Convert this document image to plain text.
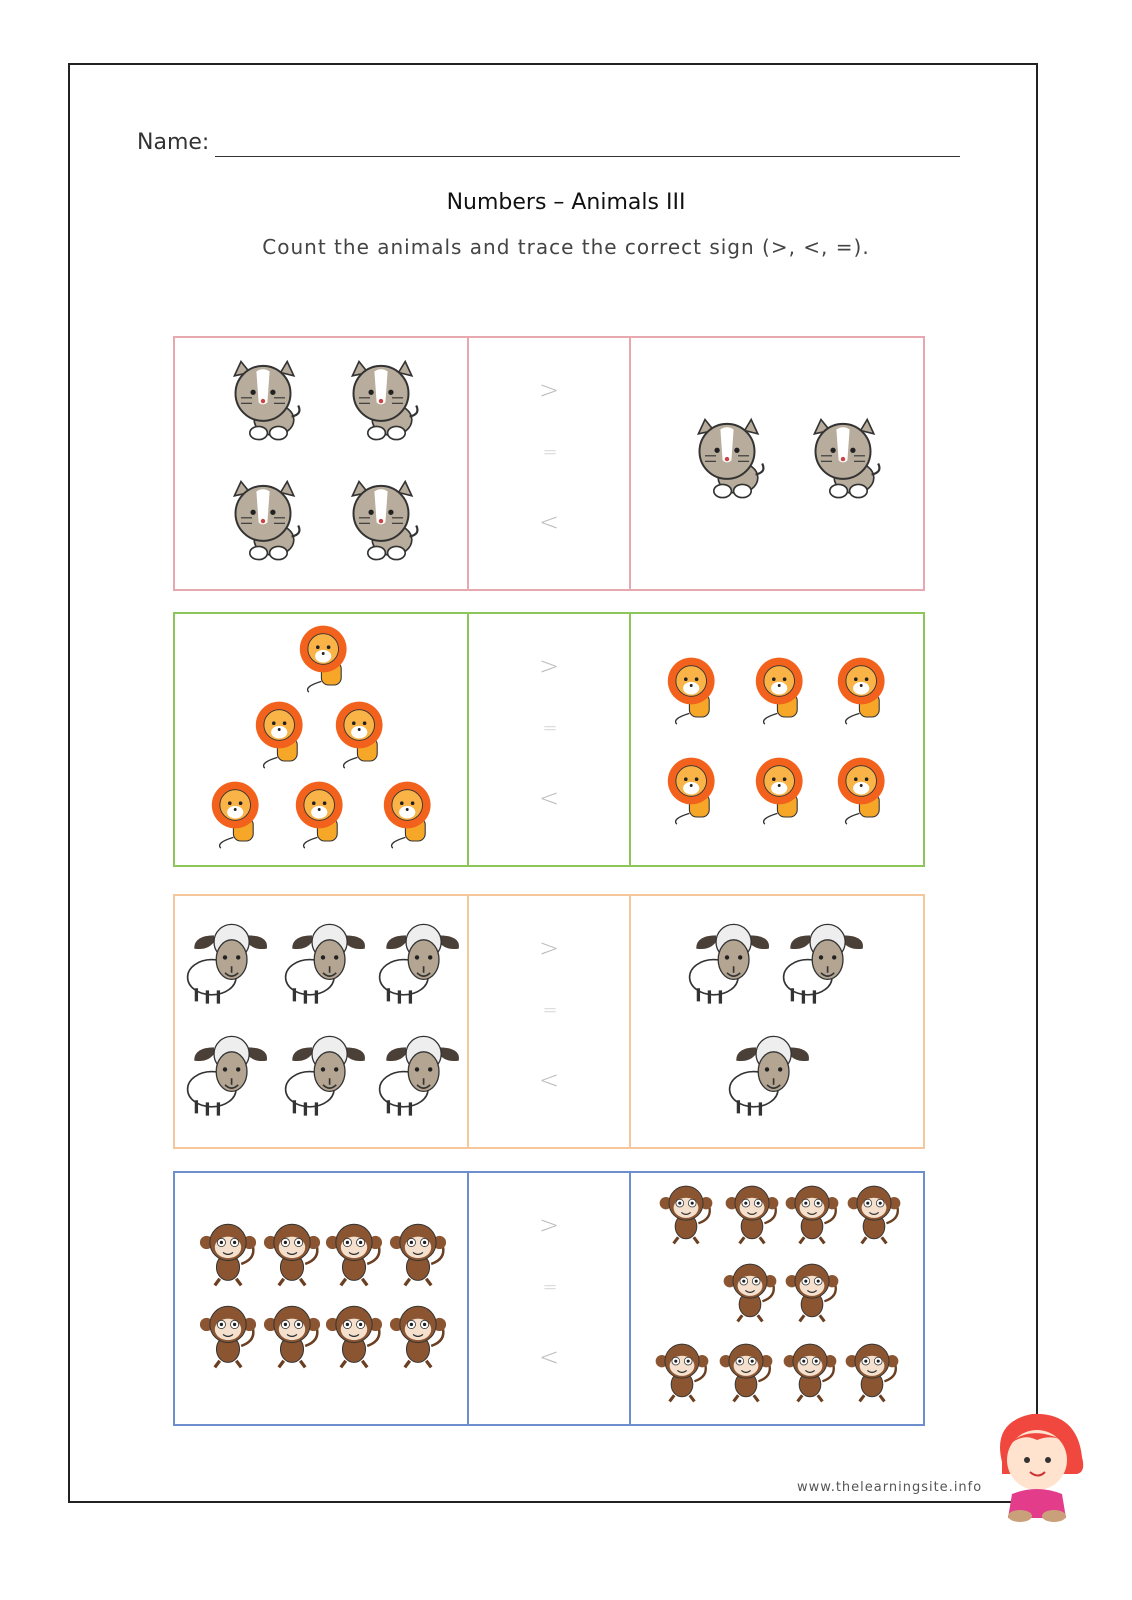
Name:
Numbers – Animals III
Count the animals and trace the correct sign (>, <, =).
>
=
<
>
=
<
>
=
<
>
=
<
www.thelearningsite.info
